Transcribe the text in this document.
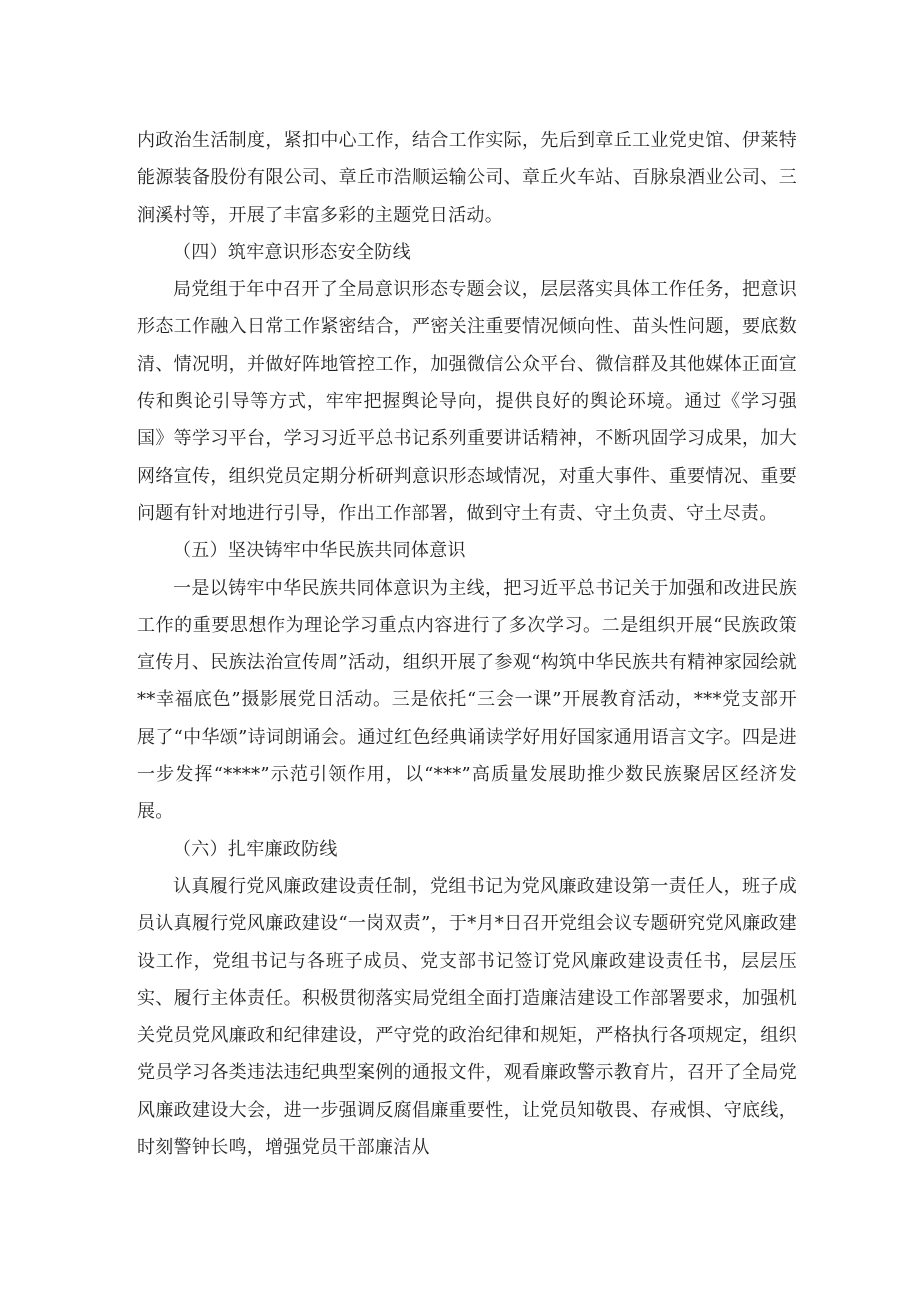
内政治生活制度，紧扣中心工作，结合工作实际，先后到章丘工业党史馆、伊莱特能源装备股份有限公司、章丘市浩顺运输公司、章丘火车站、百脉泉酒业公司、三涧溪村等，开展了丰富多彩的主题党日活动。

（四）筑牢意识形态安全防线

局党组于年中召开了全局意识形态专题会议，层层落实具体工作任务，把意识形态工作融入日常工作紧密结合，严密关注重要情况倾向性、苗头性问题，要底数清、情况明，并做好阵地管控工作，加强微信公众平台、微信群及其他媒体正面宣传和舆论引导等方式，牢牢把握舆论导向，提供良好的舆论环境。通过《学习强国》等学习平台，学习习近平总书记系列重要讲话精神，不断巩固学习成果，加大网络宣传，组织党员定期分析研判意识形态域情况，对重大事件、重要情况、重要问题有针对地进行引导，作出工作部署，做到守土有责、守土负责、守土尽责。

（五）坚决铸牢中华民族共同体意识

一是以铸牢中华民族共同体意识为主线，把习近平总书记关于加强和改进民族工作的重要思想作为理论学习重点内容进行了多次学习。二是组织开展“民族政策宣传月、民族法治宣传周”活动，组织开展了参观“构筑中华民族共有精神家园绘就**幸福底色”摄影展党日活动。三是依托“三会一课”开展教育活动，***党支部开展了“中华颂”诗词朗诵会。通过红色经典诵读学好用好国家通用语言文字。四是进一步发挥“****”示范引领作用，以“***”高质量发展助推少数民族聚居区经济发展。

（六）扎牢廉政防线

认真履行党风廉政建设责任制，党组书记为党风廉政建设第一责任人，班子成员认真履行党风廉政建设“一岗双责”，于*月*日召开党组会议专题研究党风廉政建设工作，党组书记与各班子成员、党支部书记签订党风廉政建设责任书，层层压实、履行主体责任。积极贯彻落实局党组全面打造廉洁建设工作部署要求，加强机关党员党风廉政和纪律建设，严守党的政治纪律和规矩，严格执行各项规定，组织党员学习各类违法违纪典型案例的通报文件，观看廉政警示教育片，召开了全局党风廉政建设大会，进一步强调反腐倡廉重要性，让党员知敬畏、存戒惧、守底线，时刻警钟长鸣，增强党员干部廉洁从
